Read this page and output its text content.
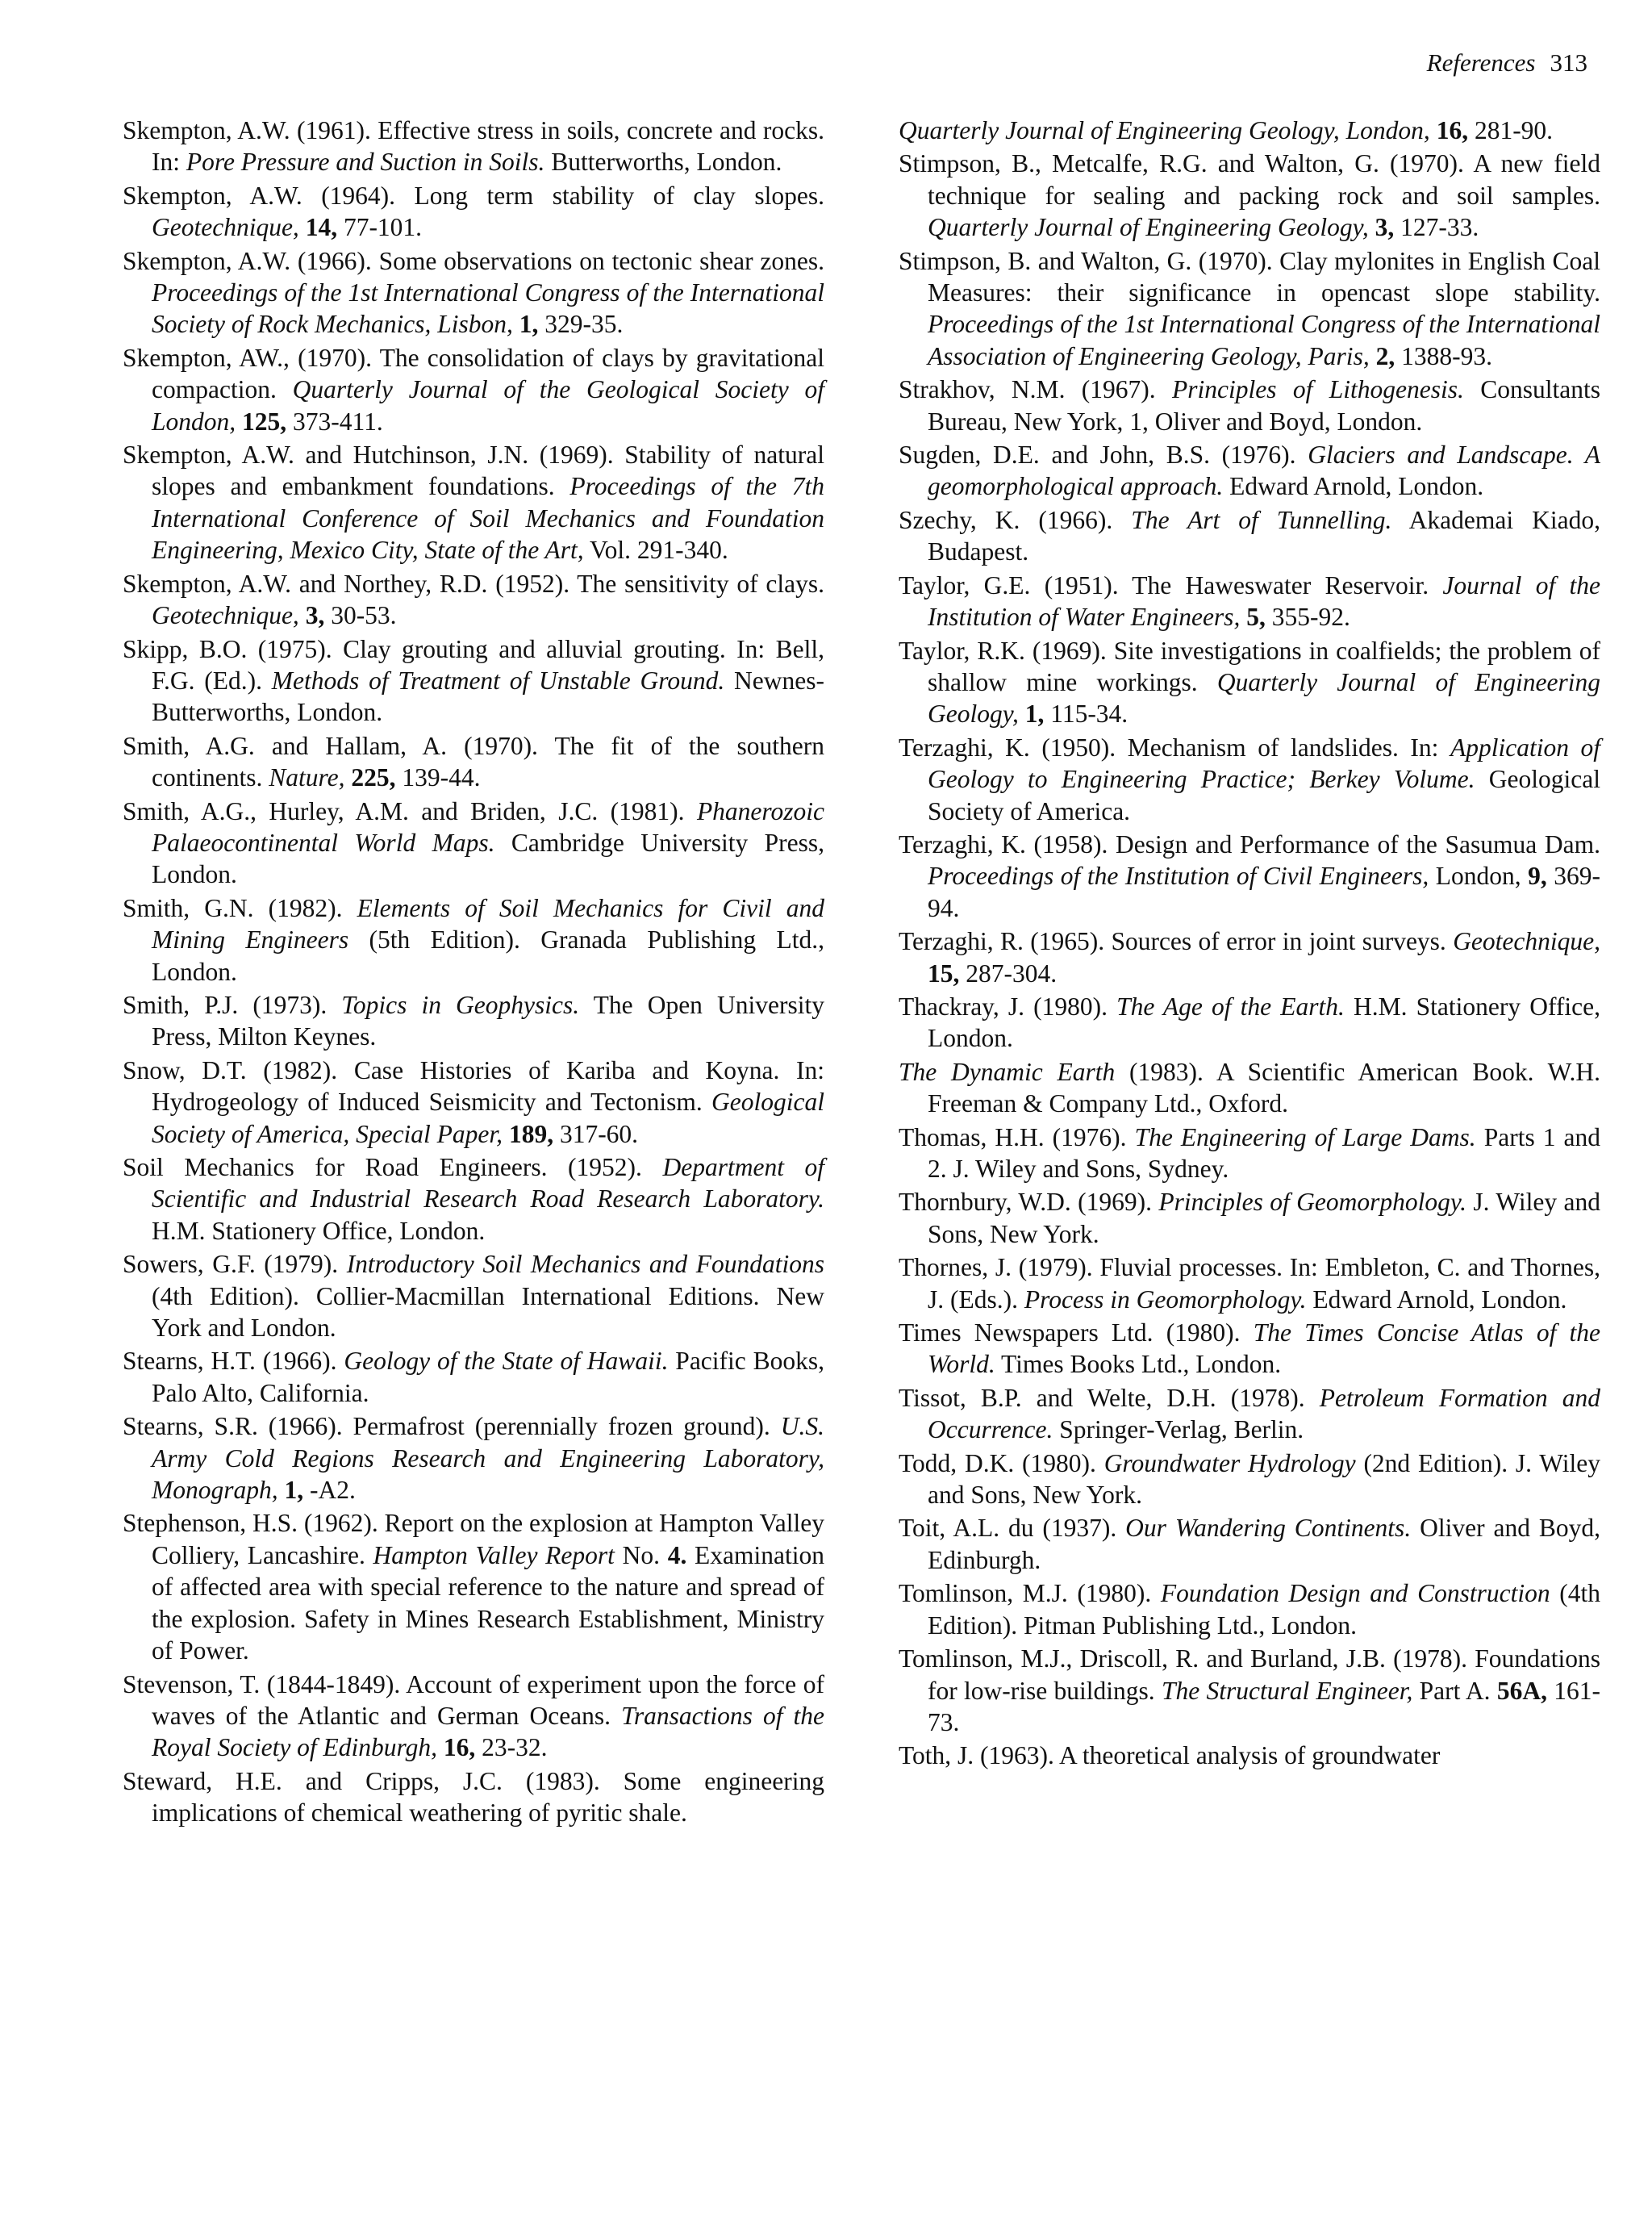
References 313

Skempton, A.W. (1961). Effective stress in soils, concrete and rocks. In: Pore Pressure and Suction in Soils. Butterworths, London.

Skempton, A.W. (1964). Long term stability of clay slopes. Geotechnique, 14, 77-101.

Skempton, A.W. (1966). Some observations on tectonic shear zones. Proceedings of the 1st International Congress of the International Society of Rock Mechanics, Lisbon, 1, 329-35.

Skempton, AW., (1970). The consolidation of clays by gravitational compaction. Quarterly Journal of the Geological Society of London, 125, 373-411.

Skempton, A.W. and Hutchinson, J.N. (1969). Stability of natural slopes and embankment foundations. Proceedings of the 7th International Conference of Soil Mechanics and Foundation Engineering, Mexico City, State of the Art, Vol. 291-340.

Skempton, A.W. and Northey, R.D. (1952). The sensitivity of clays. Geotechnique, 3, 30-53.

Skipp, B.O. (1975). Clay grouting and alluvial grouting. In: Bell, F.G. (Ed.). Methods of Treatment of Unstable Ground. Newnes-Butterworths, London.

Smith, A.G. and Hallam, A. (1970). The fit of the southern continents. Nature, 225, 139-44.

Smith, A.G., Hurley, A.M. and Briden, J.C. (1981). Phanerozoic Palaeocontinental World Maps. Cambridge University Press, London.

Smith, G.N. (1982). Elements of Soil Mechanics for Civil and Mining Engineers (5th Edition). Granada Publishing Ltd., London.

Smith, P.J. (1973). Topics in Geophysics. The Open University Press, Milton Keynes.

Snow, D.T. (1982). Case Histories of Kariba and Koyna. In: Hydrogeology of Induced Seismicity and Tectonism. Geological Society of America, Special Paper, 189, 317-60.

Soil Mechanics for Road Engineers. (1952). Department of Scientific and Industrial Research Road Research Laboratory. H.M. Stationery Office, London.

Sowers, G.F. (1979). Introductory Soil Mechanics and Foundations (4th Edition). Collier-Macmillan International Editions. New York and London.

Stearns, H.T. (1966). Geology of the State of Hawaii. Pacific Books, Palo Alto, California.

Stearns, S.R. (1966). Permafrost (perennially frozen ground). U.S. Army Cold Regions Research and Engineering Laboratory, Monograph, 1, -A2.

Stephenson, H.S. (1962). Report on the explosion at Hampton Valley Colliery, Lancashire. Hampton Valley Report No. 4. Examination of affected area with special reference to the nature and spread of the explosion. Safety in Mines Research Establishment, Ministry of Power.

Stevenson, T. (1844-1849). Account of experiment upon the force of waves of the Atlantic and German Oceans. Transactions of the Royal Society of Edinburgh, 16, 23-32.

Steward, H.E. and Cripps, J.C. (1983). Some engineering implications of chemical weathering of pyritic shale.

Quarterly Journal of Engineering Geology, London, 16, 281-90.

Stimpson, B., Metcalfe, R.G. and Walton, G. (1970). A new field technique for sealing and packing rock and soil samples. Quarterly Journal of Engineering Geology, 3, 127-33.

Stimpson, B. and Walton, G. (1970). Clay mylonites in English Coal Measures: their significance in opencast slope stability. Proceedings of the 1st International Congress of the International Association of Engineering Geology, Paris, 2, 1388-93.

Strakhov, N.M. (1967). Principles of Lithogenesis. Consultants Bureau, New York, 1, Oliver and Boyd, London.

Sugden, D.E. and John, B.S. (1976). Glaciers and Landscape. A geomorphological approach. Edward Arnold, London.

Szechy, K. (1966). The Art of Tunnelling. Akademai Kiado, Budapest.

Taylor, G.E. (1951). The Haweswater Reservoir. Journal of the Institution of Water Engineers, 5, 355-92.

Taylor, R.K. (1969). Site investigations in coalfields; the problem of shallow mine workings. Quarterly Journal of Engineering Geology, 1, 115-34.

Terzaghi, K. (1950). Mechanism of landslides. In: Application of Geology to Engineering Practice; Berkey Volume. Geological Society of America.

Terzaghi, K. (1958). Design and Performance of the Sasumua Dam. Proceedings of the Institution of Civil Engineers, London, 9, 369-94.

Terzaghi, R. (1965). Sources of error in joint surveys. Geotechnique, 15, 287-304.

Thackray, J. (1980). The Age of the Earth. H.M. Stationery Office, London.

The Dynamic Earth (1983). A Scientific American Book. W.H. Freeman & Company Ltd., Oxford.

Thomas, H.H. (1976). The Engineering of Large Dams. Parts 1 and 2. J. Wiley and Sons, Sydney.

Thornbury, W.D. (1969). Principles of Geomorphology. J. Wiley and Sons, New York.

Thornes, J. (1979). Fluvial processes. In: Embleton, C. and Thornes, J. (Eds.). Process in Geomorphology. Edward Arnold, London.

Times Newspapers Ltd. (1980). The Times Concise Atlas of the World. Times Books Ltd., London.

Tissot, B.P. and Welte, D.H. (1978). Petroleum Formation and Occurrence. Springer-Verlag, Berlin.

Todd, D.K. (1980). Groundwater Hydrology (2nd Edition). J. Wiley and Sons, New York.

Toit, A.L. du (1937). Our Wandering Continents. Oliver and Boyd, Edinburgh.

Tomlinson, M.J. (1980). Foundation Design and Construction (4th Edition). Pitman Publishing Ltd., London.

Tomlinson, M.J., Driscoll, R. and Burland, J.B. (1978). Foundations for low-rise buildings. The Structural Engineer, Part A. 56A, 161-73.

Toth, J. (1963). A theoretical analysis of groundwater
